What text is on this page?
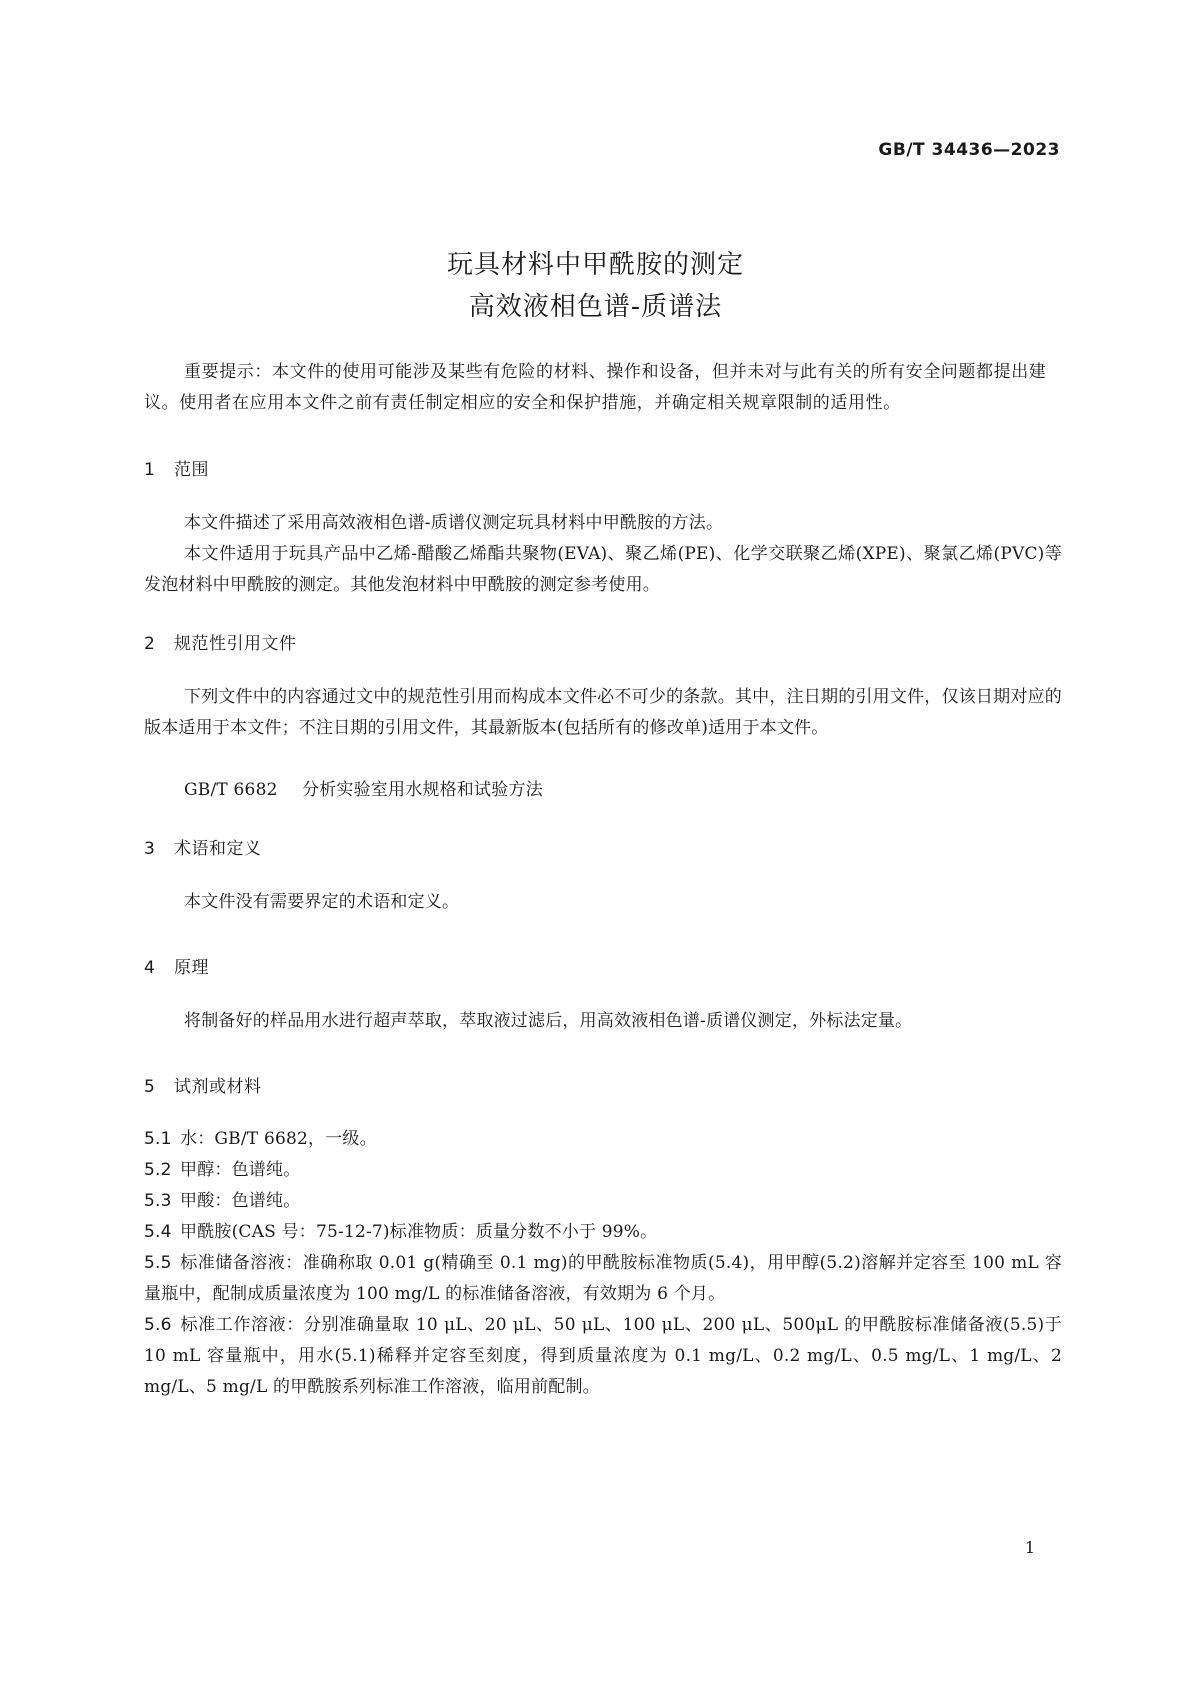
GB/T 34436—2023
玩具材料中甲酰胺的测定
高效液相色谱-质谱法
重要提示：本文件的使用可能涉及某些有危险的材料、操作和设备，但并未对与此有关的所有安全问题都提出建议。使用者在应用本文件之前有责任制定相应的安全和保护措施，并确定相关规章限制的适用性。
1 范围
本文件描述了采用高效液相色谱-质谱仪测定玩具材料中甲酰胺的方法。
本文件适用于玩具产品中乙烯-醋酸乙烯酯共聚物(EVA)、聚乙烯(PE)、化学交联聚乙烯(XPE)、聚氯乙烯(PVC)等发泡材料中甲酰胺的测定。其他发泡材料中甲酰胺的测定参考使用。
2 规范性引用文件
下列文件中的内容通过文中的规范性引用而构成本文件必不可少的条款。其中，注日期的引用文件，仅该日期对应的版本适用于本文件；不注日期的引用文件，其最新版本(包括所有的修改单)适用于本文件。
GB/T 6682 分析实验室用水规格和试验方法
3 术语和定义
本文件没有需要界定的术语和定义。
4 原理
将制备好的样品用水进行超声萃取，萃取液过滤后，用高效液相色谱-质谱仪测定，外标法定量。
5 试剂或材料
5.1 水：GB/T 6682，一级。
5.2 甲醇：色谱纯。
5.3 甲酸：色谱纯。
5.4 甲酰胺(CAS 号：75-12-7)标准物质：质量分数不小于 99%。
5.5 标准储备溶液：准确称取 0.01 g(精确至 0.1 mg)的甲酰胺标准物质(5.4)，用甲醇(5.2)溶解并定容至 100 mL 容量瓶中，配制成质量浓度为 100 mg/L 的标准储备溶液，有效期为 6 个月。
5.6 标准工作溶液：分别准确量取 10 μL、20 μL、50 μL、100 μL、200 μL、500μL 的甲酰胺标准储备液(5.5)于 10 mL 容量瓶中，用水(5.1)稀释并定容至刻度，得到质量浓度为 0.1 mg/L、0.2 mg/L、0.5 mg/L、1 mg/L、2 mg/L、5 mg/L 的甲酰胺系列标准工作溶液，临用前配制。
1
